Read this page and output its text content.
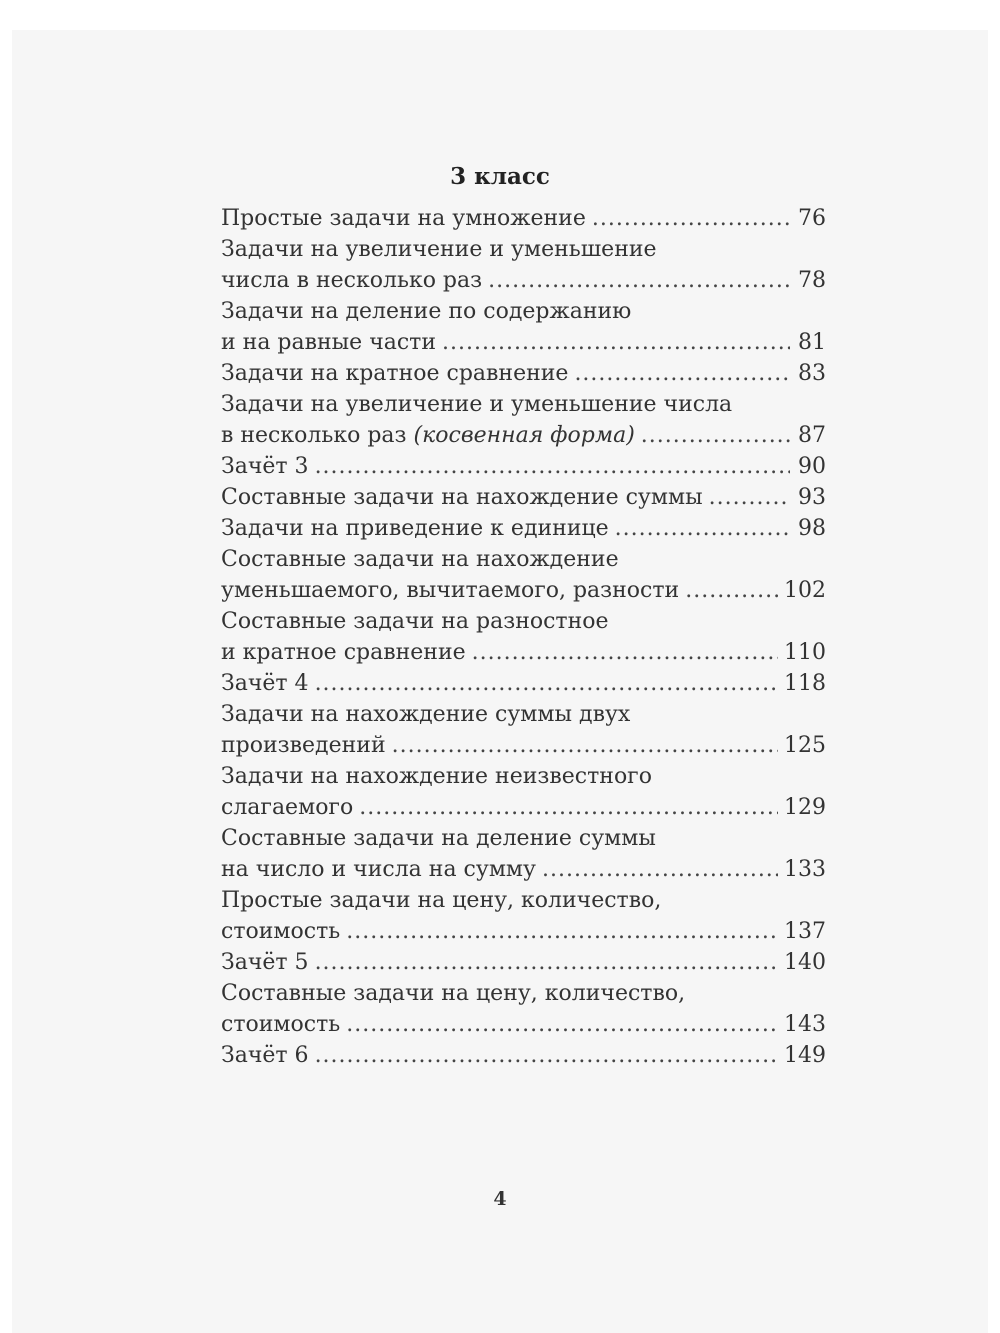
3 класс
Простые задачи на умножение .....	76
Задачи на увеличение и уменьшение
числа в несколько раз .....	78
Задачи на деление по содержанию
и на равные части .....	81
Задачи на кратное сравнение .....	83
Задачи на увеличение и уменьшение числа
в несколько раз (косвенная форма) .....	87
Зачёт 3 .....	90
Составные задачи на нахождение суммы .....	93
Задачи на приведение к единице .....	98
Составные задачи на нахождение
уменьшаемого, вычитаемого, разности .....	102
Составные задачи на разностное
и кратное сравнение .....	110
Зачёт 4 .....	118
Задачи на нахождение суммы двух
произведений .....	125
Задачи на нахождение неизвестного
слагаемого .....	129
Составные задачи на деление суммы
на число и числа на сумму .....	133
Простые задачи на цену, количество,
стоимость .....	137
Зачёт 5 .....	140
Составные задачи на цену, количество,
стоимость .....	143
Зачёт 6 .....	149
4
